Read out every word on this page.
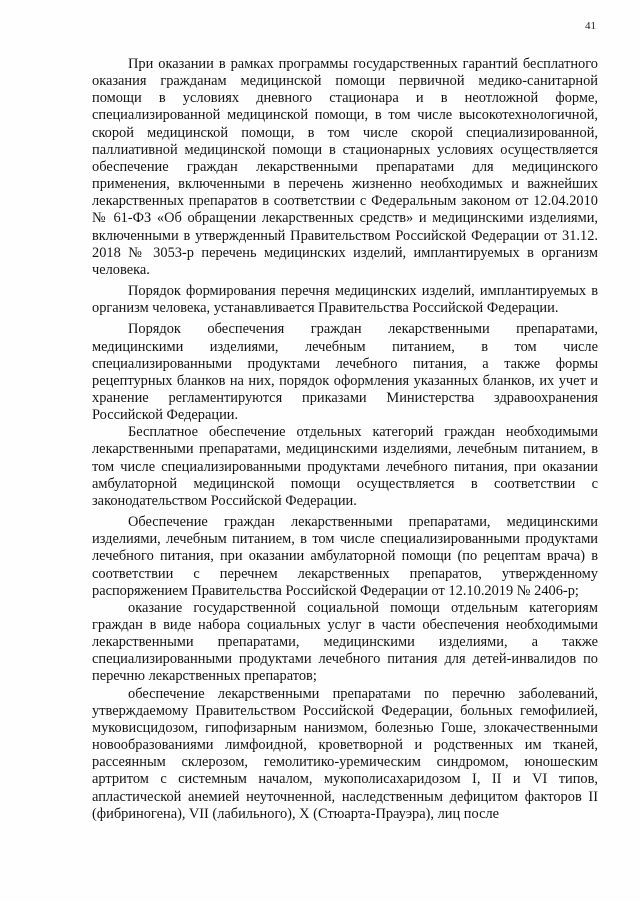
41

При оказании в рамках программы государственных гарантий бесплатного оказания гражданам медицинской помощи первичной медико-санитарной помощи в условиях дневного стационара и в неотложной форме, специализированной медицинской помощи, в том числе высокотехнологичной, скорой медицинской помощи, в том числе скорой специализированной, паллиативной медицинской помощи в стационарных условиях осуществляется обеспечение граждан лекарственными препаратами для медицинского применения, включенными в перечень жизненно необходимых и важнейших лекарственных препаратов в соответствии с Федеральным законом от 12.04.2010 № 61-ФЗ «Об обращении лекарственных средств» и медицинскими изделиями, включенными в утвержденный Правительством Российской Федерации от 31.12. 2018 № 3053-р перечень медицинских изделий, имплантируемых в организм человека.

Порядок формирования перечня медицинских изделий, имплантируемых в организм человека, устанавливается Правительства Российской Федерации.

Порядок обеспечения граждан лекарственными препаратами, медицинскими изделиями, лечебным питанием, в том числе специализированными продуктами лечебного питания, а также формы рецептурных бланков на них, порядок оформления указанных бланков, их учет и хранение регламентируются приказами Министерства здравоохранения Российской Федерации.

Бесплатное обеспечение отдельных категорий граждан необходимыми лекарственными препаратами, медицинскими изделиями, лечебным питанием, в том числе специализированными продуктами лечебного питания, при оказании амбулаторной медицинской помощи осуществляется в соответствии с законодательством Российской Федерации.

Обеспечение граждан лекарственными препаратами, медицинскими изделиями, лечебным питанием, в том числе специализированными продуктами лечебного питания, при оказании амбулаторной помощи (по рецептам врача) в соответствии с перечнем лекарственных препаратов, утвержденному распоряжением Правительства Российской Федерации от 12.10.2019 № 2406-р;

оказание государственной социальной помощи отдельным категориям граждан в виде набора социальных услуг в части обеспечения необходимыми лекарственными препаратами, медицинскими изделиями, а также специализированными продуктами лечебного питания для детей-инвалидов по перечню лекарственных препаратов;

обеспечение лекарственными препаратами по перечню заболеваний, утверждаемому Правительством Российской Федерации, больных гемофилией, муковисцидозом, гипофизарным нанизмом, болезнью Гоше, злокачественными новообразованиями лимфоидной, кроветворной и родственных им тканей, рассеянным склерозом, гемолитико-уремическим синдромом, юношеским артритом с системным началом, мукополисахаридозом I, II и VI типов, апластической анемией неуточненной, наследственным дефицитом факторов II (фибриногена), VII (лабильного), X (Стюарта-Прауэра), лиц после
